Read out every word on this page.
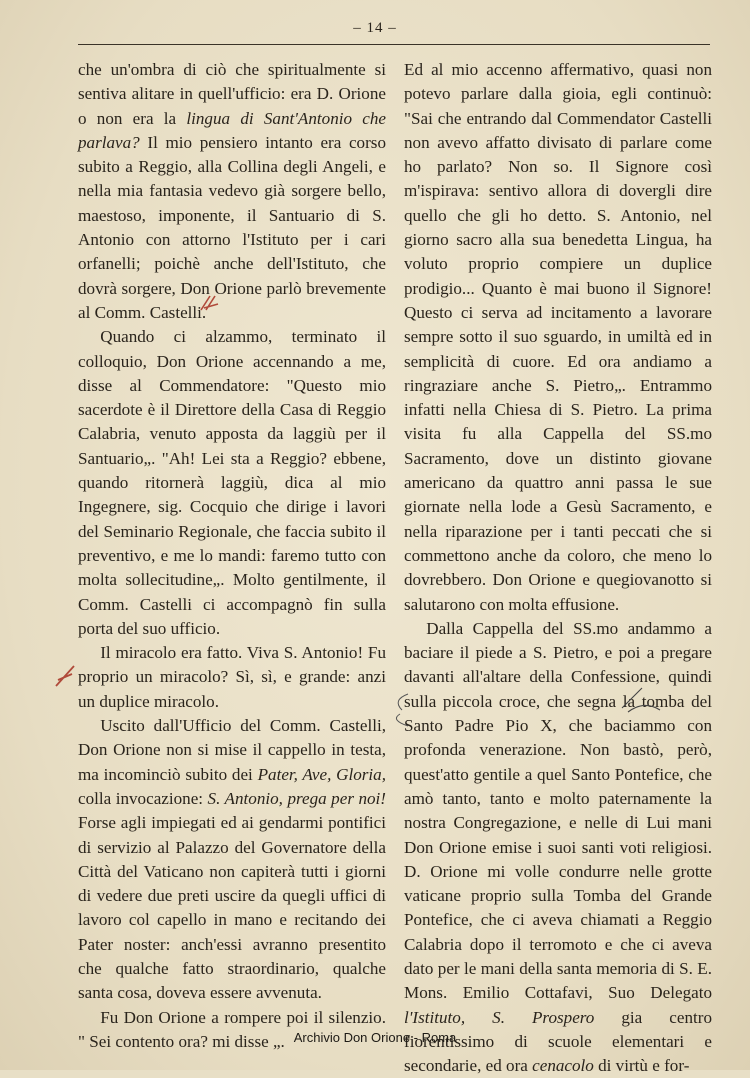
– 14 –

che un'ombra di ciò che spiritualmente si sentiva alitare in quell'ufficio: era D. Orione o non era la lingua di Sant'Antonio che parlava? Il mio pensiero intanto era corso subito a Reggio, alla Collina degli Angeli, e nella mia fantasia vedevo già sorgere bello, maestoso, imponente, il Santuario di S. Antonio con attorno l'Istituto per i cari orfanelli; poichè anche dell'Istituto, che dovrà sorgere, Don Orione parlò brevemente al Comm. Castelli.

Quando ci alzammo, terminato il colloquio, Don Orione accennando a me, disse al Commendatore: "Questo mio sacerdote è il Direttore della Casa di Reggio Calabria, venuto apposta da laggiù per il Santuario„. "Ah! Lei sta a Reggio? ebbene, quando ritornerà laggiù, dica al mio Ingegnere, sig. Cocquio che dirige i lavori del Seminario Regionale, che faccia subito il preventivo, e me lo mandi: faremo tutto con molta sollecitudine„. Molto gentilmente, il Comm. Castelli ci accompagnò fin sulla porta del suo ufficio.

Il miracolo era fatto. Viva S. Antonio! Fu proprio un miracolo? Sì, sì, e grande: anzi un duplice miracolo.

Uscito dall'Ufficio del Comm. Castelli, Don Orione non si mise il cappello in testa, ma incominciò subito dei Pater, Ave, Gloria, colla invocazione: S. Antonio, prega per noi! Forse agli impiegati ed ai gendarmi pontifici di servizio al Palazzo del Governatore della Città del Vaticano non capiterà tutti i giorni di vedere due preti uscire da quegli uffici di lavoro col capello in mano e recitando dei Pater noster: anch'essi avranno presentito che qualche fatto straordinario, qualche santa cosa, doveva essere avvenuta.

Fu Don Orione a rompere poi il silenzio. " Sei contento ora? mi disse „.

Ed al mio accenno affermativo, quasi non potevo parlare dalla gioia, egli continuò: "Sai che entrando dal Commendator Castelli non avevo affatto divisato di parlare come ho parlato? Non so. Il Signore così m'ispirava: sentivo allora di dovergli dire quello che gli ho detto. S. Antonio, nel giorno sacro alla sua benedetta Lingua, ha voluto proprio compiere un duplice prodigio... Quanto è mai buono il Signore! Questo ci serva ad incitamento a lavorare sempre sotto il suo sguardo, in umiltà ed in semplicità di cuore. Ed ora andiamo a ringraziare anche S. Pietro„. Entrammo infatti nella Chiesa di S. Pietro. La prima visita fu alla Cappella del SS.mo Sacramento, dove un distinto giovane americano da quattro anni passa le sue giornate nella lode a Gesù Sacramento, e nella riparazione per i tanti peccati che si commettono anche da coloro, che meno lo dovrebbero. Don Orione e quegiovanotto si salutarono con molta effusione.

Dalla Cappella del SS.mo andammo a baciare il piede a S. Pietro, e poi a pregare davanti all'altare della Confessione, quindi sulla piccola croce, che segna la tomba del Santo Padre Pio X, che baciammo con profonda venerazione. Non bastò, però, quest'atto gentile a quel Santo Pontefice, che amò tanto, tanto e molto paternamente la nostra Congregazione, e nelle di Lui mani Don Orione emise i suoi santi voti religiosi. D. Orione mi volle condurre nelle grotte vaticane proprio sulla Tomba del Grande Pontefice, che ci aveva chiamati a Reggio Calabria dopo il terromoto e che ci aveva dato per le mani della santa memoria di S. E. Mons. Emilio Cottafavi, Suo Delegato l'Istituto, S. Prospero gia centro fiorentissimo di scuole elementari e secondarie, ed ora cenacolo di virtù e for-

Archivio Don Orione - Roma
